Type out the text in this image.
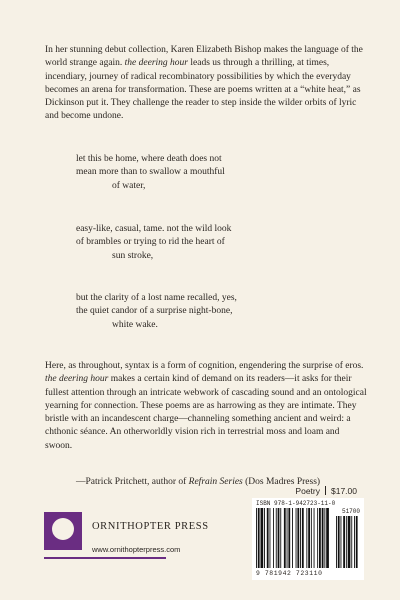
In her stunning debut collection, Karen Elizabeth Bishop makes the language of the world strange again. the deering hour leads us through a thrilling, at times, incendiary, journey of radical recombinatory possibilities by which the everyday becomes an arena for transformation. These are poems written at a “white heat,” as Dickinson put it. They challenge the reader to step inside the wilder orbits of lyric and become undone.

let this be home, where death does not
mean more than to swallow a mouthful
of water,
easy-like, casual, tame. not the wild look
of brambles or trying to rid the heart of
sun stroke,
but the clarity of a lost name recalled, yes,
the quiet candor of a surprise night-bone,
white wake.

Here, as throughout, syntax is a form of cognition, engendering the surprise of eros. the deering hour makes a certain kind of demand on its readers—it asks for their fullest attention through an intricate webwork of cascading sound and an ontological yearning for connection. These poems are as harrowing as they are intimate. They bristle with an incandescent charge—channeling something ancient and weird: a chthonic séance. An otherworldly vision rich in terrestrial moss and loam and swoon.

—Patrick Pritchett, author of Refrain Series (Dos Madres Press)
ORNITHOPTER PRESS
www.ornithopterpress.com
Poetry $17.00
ISBN 978-1-942723-11-0
51700
9 781942 723110
